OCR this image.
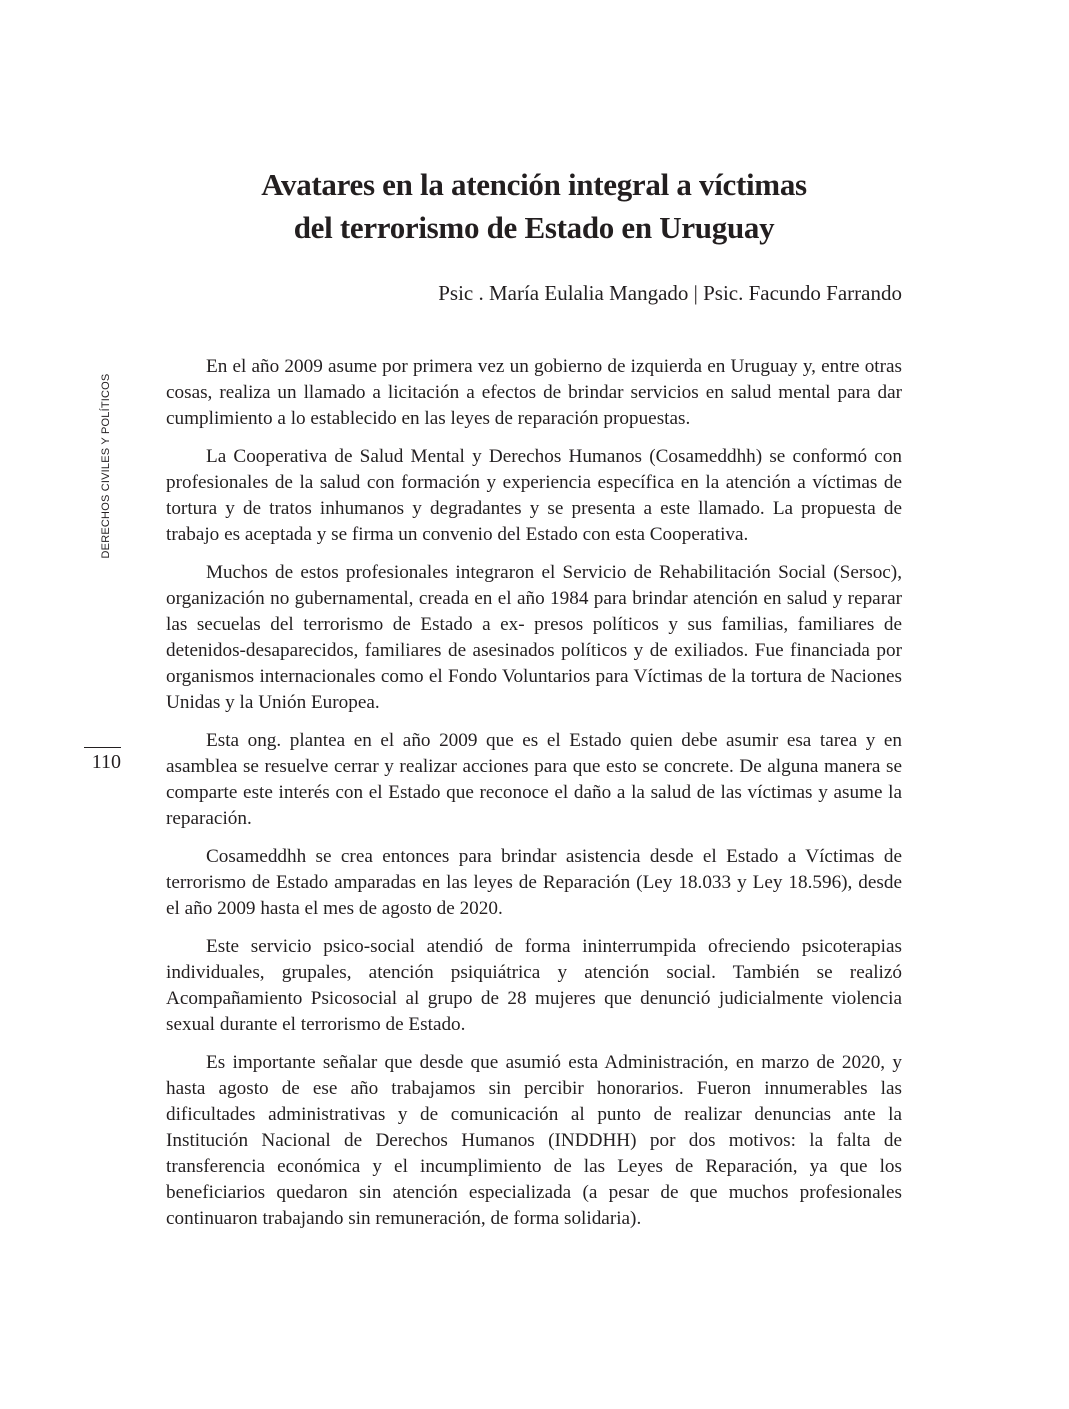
Avatares en la atención integral a víctimas
del terrorismo de Estado en Uruguay
Psic . María Eulalia Mangado | Psic. Facundo Farrando
DERECHOS CIVILES Y POLÍTICOS
110

En el año 2009 asume por primera vez un gobierno de izquierda en Uruguay y, entre otras cosas, realiza un llamado a licitación a efectos de brindar servicios en salud mental para dar cumplimiento a lo establecido en las leyes de reparación propuestas.

La Cooperativa de Salud Mental y Derechos Humanos (Cosameddhh) se conformó con profesionales de la salud con formación y experiencia específica en la atención a víctimas de tortura y de tratos inhumanos y degradantes y se presenta a este llamado. La propuesta de trabajo es aceptada y se firma un convenio del Estado con esta Cooperativa.

Muchos de estos profesionales integraron el Servicio de Rehabilitación Social (Sersoc), organización no gubernamental, creada en el año 1984 para brindar atención en salud y reparar las secuelas del terrorismo de Estado a ex- presos políticos y sus familias, familiares de detenidos-desaparecidos, familiares de asesinados políticos y de exiliados. Fue financiada por organismos internacionales como el Fondo Voluntarios para Víctimas de la tortura de Naciones Unidas y la Unión Europea.

Esta ong. plantea en el año 2009 que es el Estado quien debe asumir esa tarea y en asamblea se resuelve cerrar y realizar acciones para que esto se concrete. De alguna manera se comparte este interés con el Estado que reconoce el daño a la salud de las víctimas y asume la reparación.

Cosameddhh se crea entonces para brindar asistencia desde el Estado a Víctimas de terrorismo de Estado amparadas en las leyes de Reparación (Ley 18.033 y Ley 18.596), desde el año 2009 hasta el mes de agosto de 2020.

Este servicio psico-social atendió de forma ininterrumpida ofreciendo psicoterapias individuales, grupales, atención psiquiátrica y atención social. También se realizó Acompañamiento Psicosocial al grupo de 28 mujeres que denunció judicialmente violencia sexual durante el terrorismo de Estado.

Es importante señalar que desde que asumió esta Administración, en marzo de 2020, y hasta agosto de ese año trabajamos sin percibir honorarios. Fueron innumerables las dificultades administrativas y de comunicación al punto de realizar denuncias ante la Institución Nacional de Derechos Humanos (INDDHH) por dos motivos: la falta de transferencia económica y el incumplimiento de las Leyes de Reparación, ya que los beneficiarios quedaron sin atención especializada (a pesar de que muchos profesionales continuaron trabajando sin remuneración, de forma solidaria).
